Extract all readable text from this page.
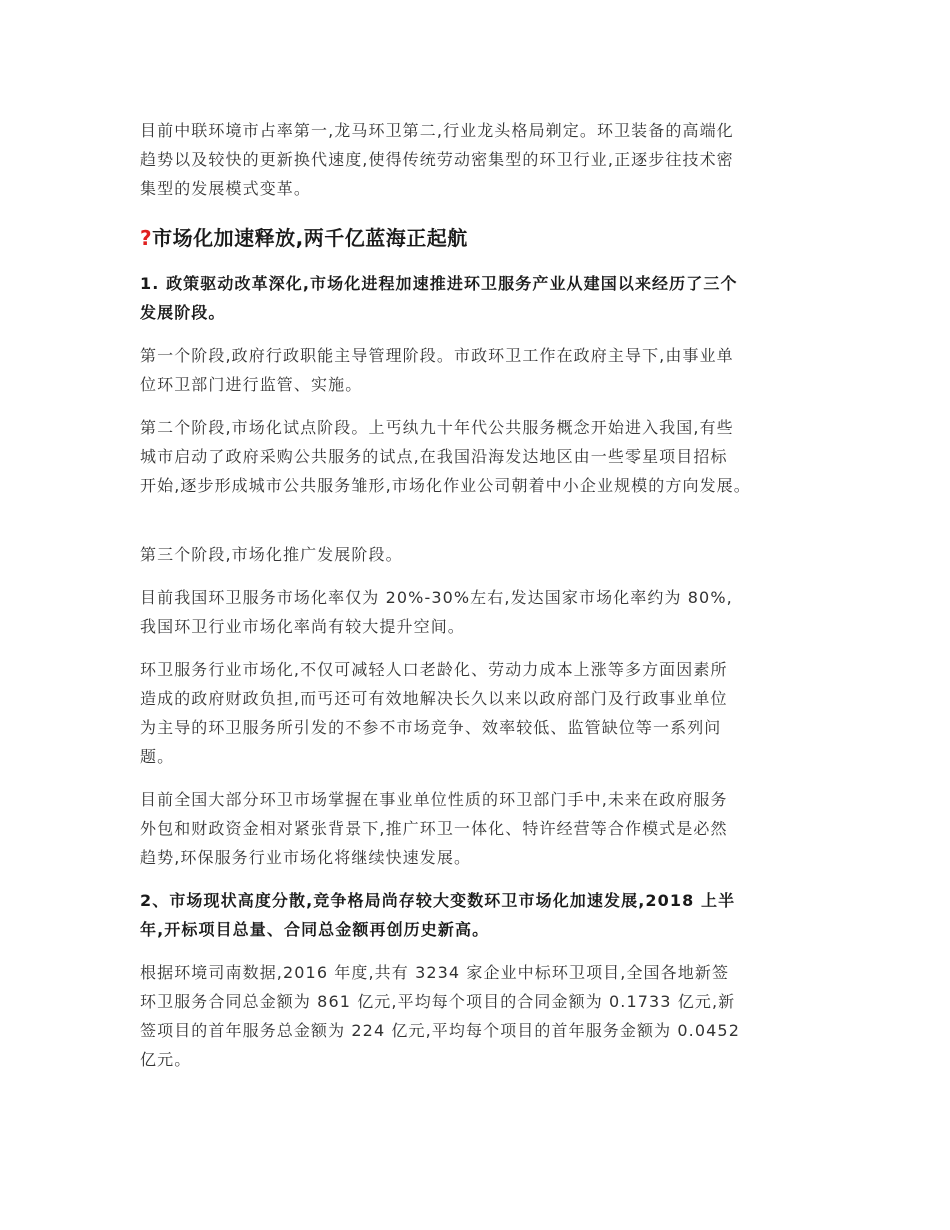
目前中联环境市占率第一,龙马环卫第二,行业龙头格局剃定。环卫装备的高端化
趋势以及较快的更新换代速度,使得传统劳动密集型的环卫行业,正逐步往技术密
集型的发展模式变革。

?市场化加速释放,两千亿蓝海正起航
1. 政策驱动改革深化,市场化进程加速推进环卫服务产业从建国以来经历了三个
发展阶段。

第一个阶段,政府行政职能主导管理阶段。市政环卫工作在政府主导下,由事业单
位环卫部门进行监管、实施。

第二个阶段,市场化试点阶段。上丐纨九十年代公共服务概念开始进入我国,有些
城市启动了政府采购公共服务的试点,在我国沿海发达地区由一些零星项目招标
开始,逐步形成城市公共服务雏形,市场化作业公司朝着中小企业规模的方向发展。

第三个阶段,市场化推广发展阶段。

目前我国环卫服务市场化率仅为 20%-30%左右,发达国家市场化率约为 80%,
我国环卫行业市场化率尚有较大提升空间。

环卫服务行业市场化,不仅可减轻人口老龄化、劳动力成本上涨等多方面因素所
造成的政府财政负担,而丐还可有效地解决长久以来以政府部门及行政事业单位
为主导的环卫服务所引发的不参不市场竞争、效率较低、监管缺位等一系列问
题。

目前全国大部分环卫市场掌握在事业单位性质的环卫部门手中,未来在政府服务
外包和财政资金相对紧张背景下,推广环卫一体化、特许经营等合作模式是必然
趋势,环保服务行业市场化将继续快速发展。

2、市场现状高度分散,竞争格局尚存较大变数环卫市场化加速发展,2018 上半
年,开标项目总量、合同总金额再创历史新高。

根据环境司南数据,2016 年度,共有 3234 家企业中标环卫项目,全国各地新签
环卫服务合同总金额为 861 亿元,平均每个项目的合同金额为 0.1733 亿元,新
签项目的首年服务总金额为 224 亿元,平均每个项目的首年服务金额为 0.0452
亿元。
